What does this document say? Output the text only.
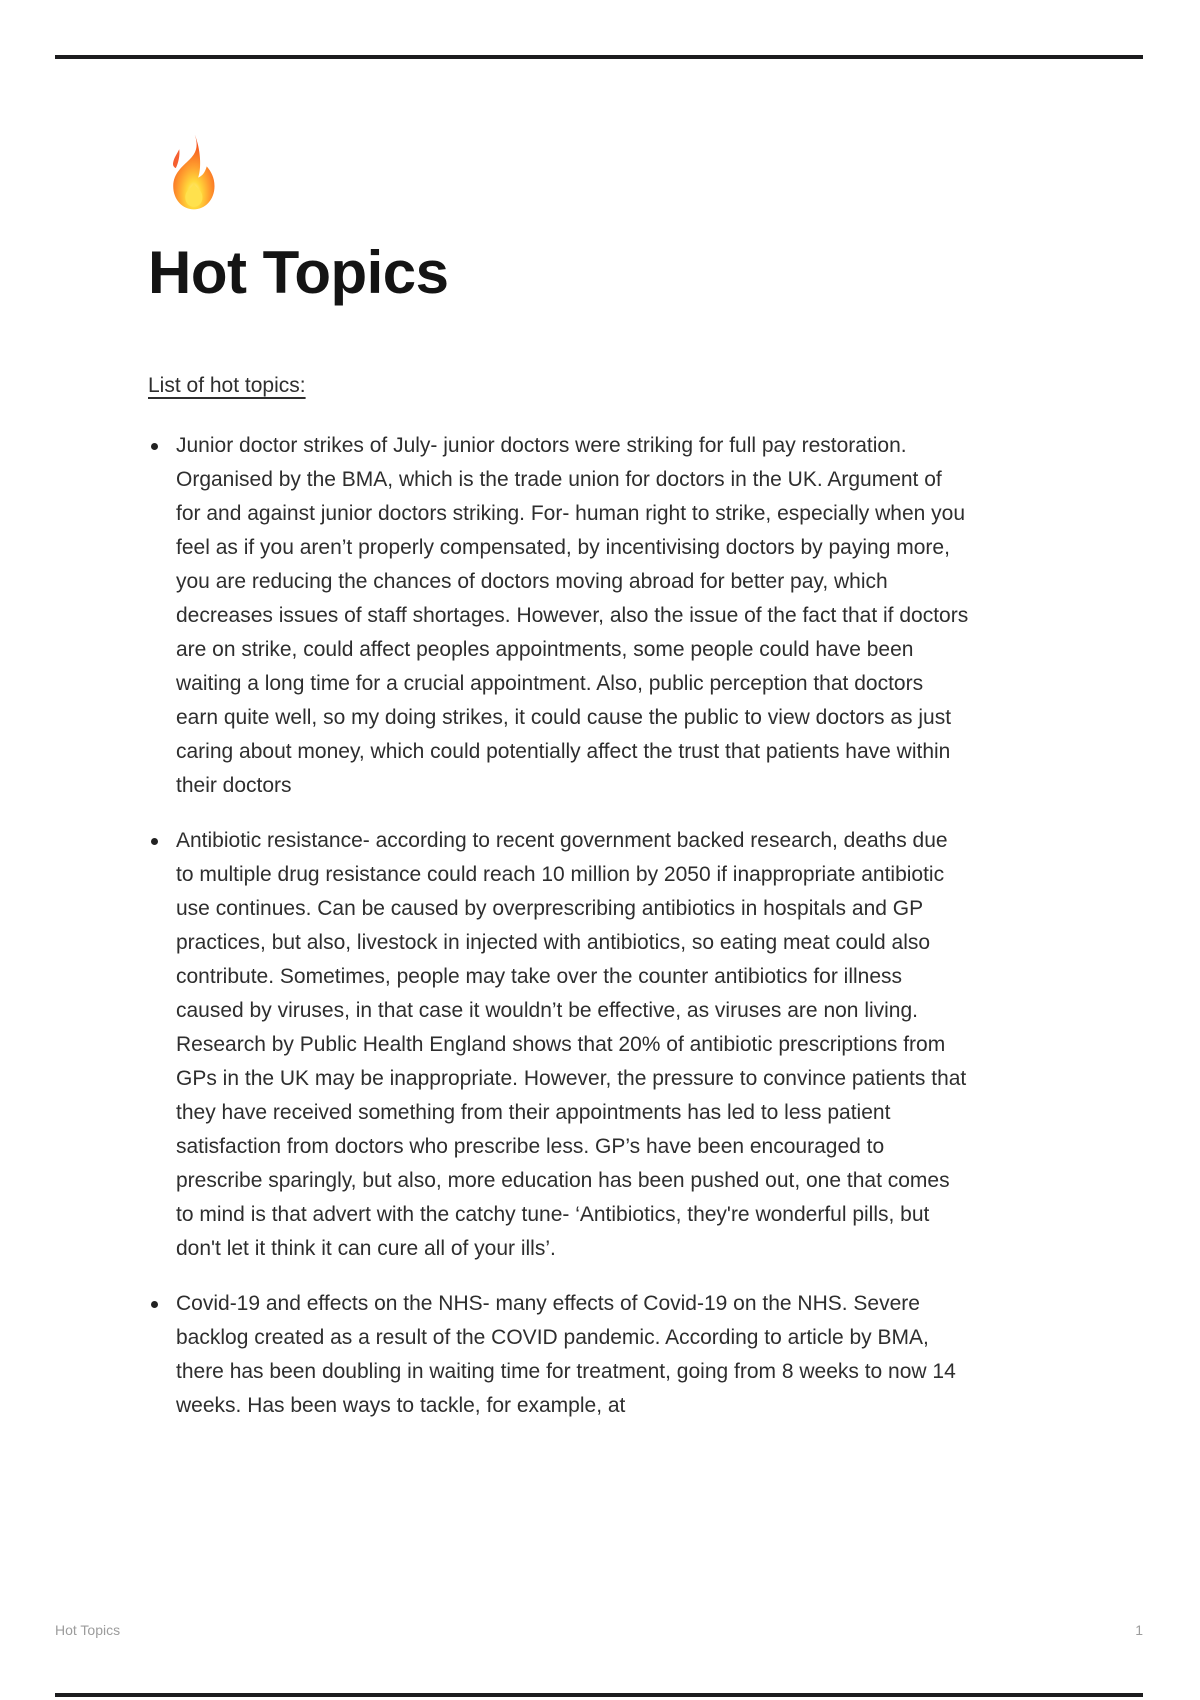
Hot Topics

List of hot topics:

Junior doctor strikes of July- junior doctors were striking for full pay restoration. Organised by the BMA, which is the trade union for doctors in the UK. Argument of for and against junior doctors striking. For- human right to strike, especially when you feel as if you aren’t properly compensated, by incentivising doctors by paying more, you are reducing the chances of doctors moving abroad for better pay, which decreases issues of staff shortages. However, also the issue of the fact that if doctors are on strike, could affect peoples appointments, some people could have been waiting a long time for a crucial appointment. Also, public perception that doctors earn quite well, so my doing strikes, it could cause the public to view doctors as just caring about money, which could potentially affect the trust that patients have within their doctors
Antibiotic resistance- according to recent government backed research, deaths due to multiple drug resistance could reach 10 million by 2050 if inappropriate antibiotic use continues. Can be caused by overprescribing antibiotics in hospitals and GP practices, but also, livestock in injected with antibiotics, so eating meat could also contribute. Sometimes, people may take over the counter antibiotics for illness caused by viruses, in that case it wouldn’t be effective, as viruses are non living. Research by Public Health England shows that 20% of antibiotic prescriptions from GPs in the UK may be inappropriate. However, the pressure to convince patients that they have received something from their appointments has led to less patient satisfaction from doctors who prescribe less. GP’s have been encouraged to prescribe sparingly, but also, more education has been pushed out, one that comes to mind is that advert with the catchy tune- ‘Antibiotics, they're wonderful pills, but don't let it think it can cure all of your ills’.
Covid-19 and effects on the NHS- many effects of Covid-19 on the NHS. Severe backlog created as a result of the COVID pandemic. According to article by BMA, there has been doubling in waiting time for treatment, going from 8 weeks to now 14 weeks. Has been ways to tackle, for example, at
Hot Topics	1
